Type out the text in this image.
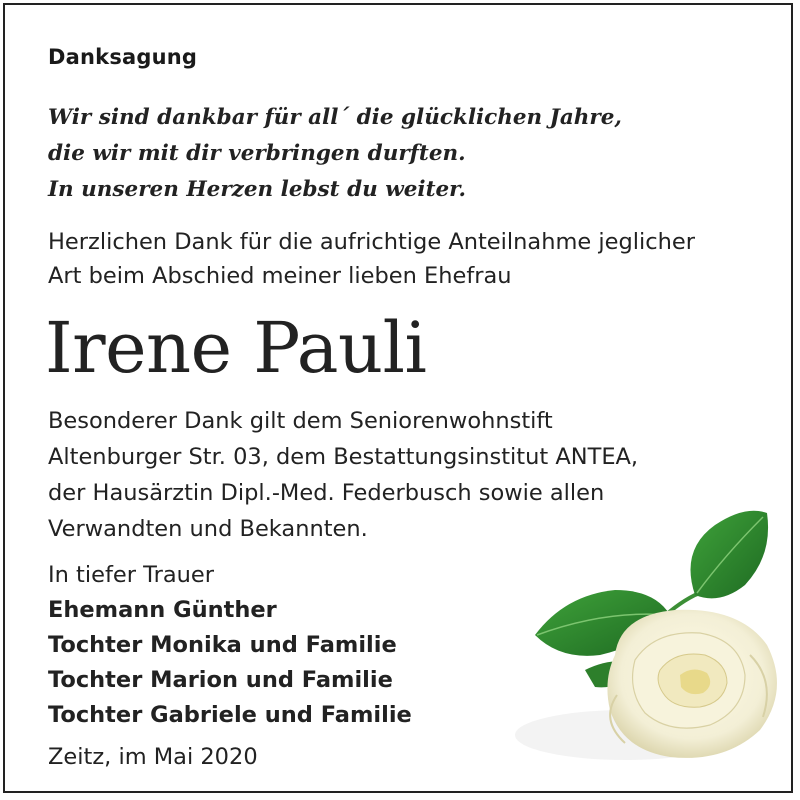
Danksagung
Wir sind dankbar für all´ die glücklichen Jahre,
die wir mit dir verbringen durften.
In unseren Herzen lebst du weiter.
Herzlichen Dank für die aufrichtige Anteilnahme jeglicher
Art beim Abschied meiner lieben Ehefrau
Irene Pauli
Besonderer Dank gilt dem Seniorenwohnstift
Altenburger Str. 03, dem Bestattungsinstitut ANTEA,
der Hausärztin Dipl.-Med. Federbusch sowie allen
Verwandten und Bekannten.
In tiefer Trauer
Ehemann Günther
Tochter Monika und Familie
Tochter Marion und Familie
Tochter Gabriele und Familie
Zeitz, im Mai 2020
